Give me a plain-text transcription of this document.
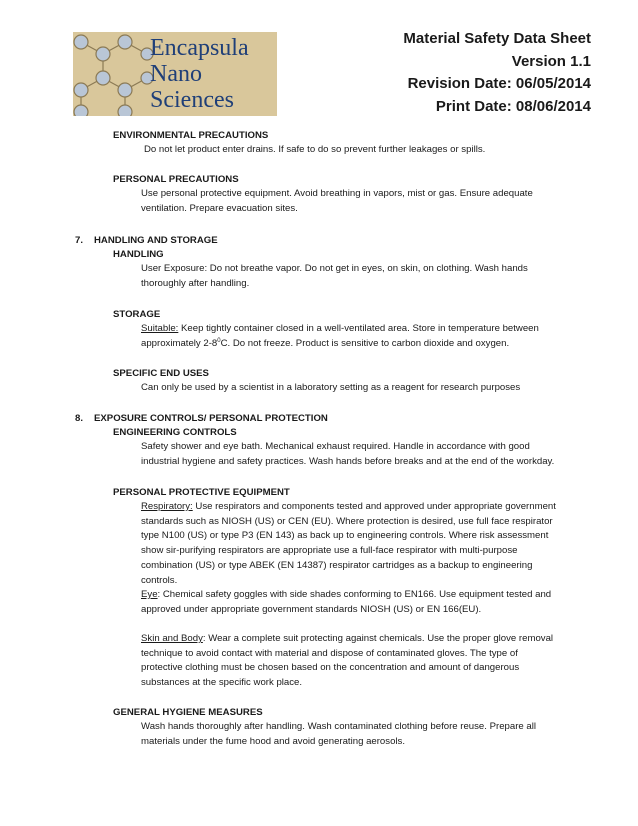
Encapsula
Nano
Sciences
Material Safety Data Sheet
Version 1.1
Revision Date: 06/05/2014
Print Date: 08/06/2014
ENVIRONMENTAL PRECAUTIONS
Do not let product enter drains. If safe to do so prevent further leakages or spills.
PERSONAL PRECAUTIONS
Use personal protective equipment. Avoid breathing in vapors, mist or gas. Ensure adequate ventilation. Prepare evacuation sites.
7. HANDLING AND STORAGE
HANDLING
User Exposure: Do not breathe vapor. Do not get in eyes, on skin, on clothing. Wash hands thoroughly after handling.
STORAGE
Suitable: Keep tightly container closed in a well-ventilated area. Store in temperature between approximately $2-8^0C$. Do not freeze. Product is sensitive to carbon dioxide and oxygen.
SPECIFIC END USES
Can only be used by a scientist in a laboratory setting as a reagent for research purposes
8. EXPOSURE CONTROLS/ PERSONAL PROTECTION
ENGINEERING CONTROLS
Safety shower and eye bath. Mechanical exhaust required. Handle in accordance with good industrial hygiene and safety practices. Wash hands before breaks and at the end of the workday.
PERSONAL PROTECTIVE EQUIPMENT
Respiratory: Use respirators and components tested and approved under appropriate government standards such as NIOSH (US) or CEN (EU). Where protection is desired, use full face respirator type N100 (US) or type P3 (EN 143) as back up to engineering controls. Where risk assessment show sir-purifying respirators are appropriate use a full-face respirator with multi-purpose combination (US) or type ABEK (EN 14387) respirator cartridges as a backup to engineering controls.
Eye: Chemical safety goggles with side shades conforming to EN166. Use equipment tested and approved under appropriate government standards NIOSH (US) or EN 166(EU).
Skin and Body: Wear a complete suit protecting against chemicals. Use the proper glove removal technique to avoid contact with material and dispose of contaminated gloves. The type of protective clothing must be chosen based on the concentration and amount of dangerous substances at the specific work place.
GENERAL HYGIENE MEASURES
Wash hands thoroughly after handling. Wash contaminated clothing before reuse. Prepare all materials under the fume hood and avoid generating aerosols.
